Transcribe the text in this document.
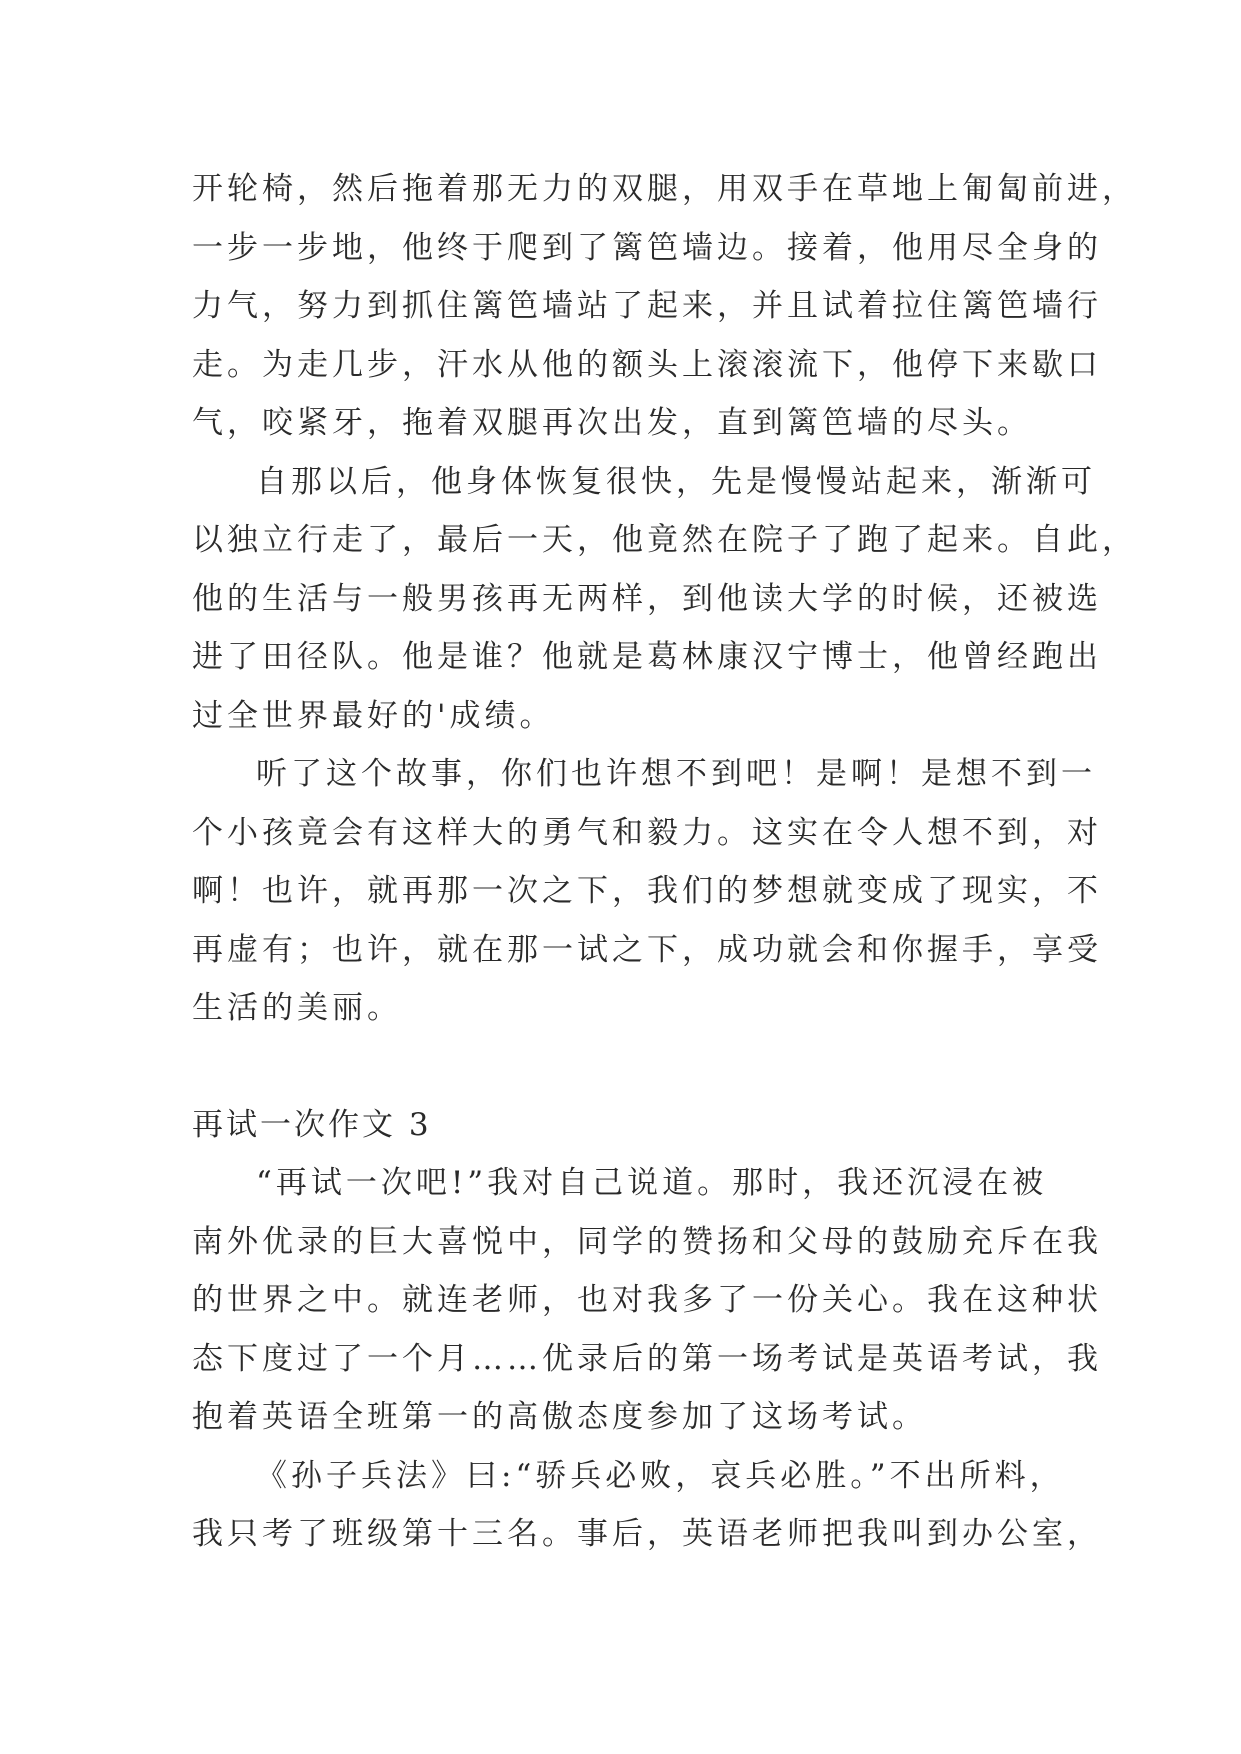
开轮椅，然后拖着那无力的双腿，用双手在草地上匍匐前进，
一步一步地，他终于爬到了篱笆墙边。接着，他用尽全身的
力气，努力到抓住篱笆墙站了起来，并且试着拉住篱笆墙行
走。为走几步，汗水从他的额头上滚滚流下，他停下来歇口
气，咬紧牙，拖着双腿再次出发，直到篱笆墙的尽头。
自那以后，他身体恢复很快，先是慢慢站起来，渐渐可
以独立行走了，最后一天，他竟然在院子了跑了起来。自此，
他的生活与一般男孩再无两样，到他读大学的时候，还被选
进了田径队。他是谁？他就是葛林康汉宁博士，他曾经跑出
过全世界最好的'成绩。
听了这个故事，你们也许想不到吧！是啊！是想不到一
个小孩竟会有这样大的勇气和毅力。这实在令人想不到，对
啊！也许，就再那一次之下，我们的梦想就变成了现实，不
再虚有；也许，就在那一试之下，成功就会和你握手，享受
生活的美丽。
再试一次作文 3
“再试一次吧!”我对自己说道。那时，我还沉浸在被
南外优录的巨大喜悦中，同学的赞扬和父母的鼓励充斥在我
的世界之中。就连老师，也对我多了一份关心。我在这种状
态下度过了一个月……优录后的第一场考试是英语考试，我
抱着英语全班第一的高傲态度参加了这场考试。
《孙子兵法》曰:“骄兵必败，哀兵必胜。”不出所料，
我只考了班级第十三名。事后，英语老师把我叫到办公室，
